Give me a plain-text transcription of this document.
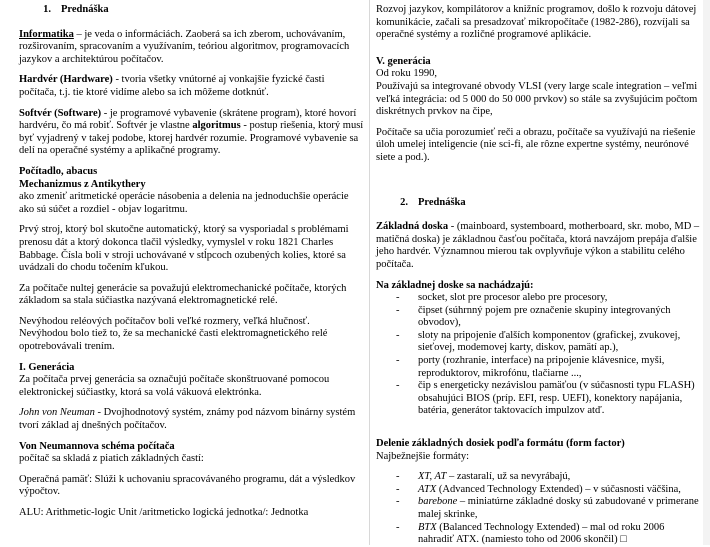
1. Prednáška

Informatika – je veda o informáciách. Zaoberá sa ich zberom, uchovávaním, rozširovaním, spracovaním a využívaním, teóriou algoritmov, programovacích jazykov a architektúrou počítačov.

Hardvér (Hardware) - tvoria všetky vnútorné aj vonkajšie fyzické časti počítača, t.j. tie ktoré vidíme alebo sa ich môžeme dotknúť.

Softvér (Software) - je programové vybavenie (skrátene program), ktoré hovorí hardvéru, čo má robiť. Softvér je vlastne algoritmus - postup riešenia, ktorý musí byť vyjadrený v takej podobe, ktorej hardvér rozumie. Programové vybavenie sa delí na operačné systémy a aplikačné programy.

Počítadlo, abacus

Mechanizmus z Antikythery

ako zmeniť aritmetické operácie násobenia a delenia na jednoduchšie operácie ako sú súčet a rozdiel - objav logaritmu.

Prvý stroj, ktorý bol skutočne automatický, ktorý sa vysporiadal s problémami prenosu dát a ktorý dokonca tlačil výsledky, vymyslel v roku 1821 Charles Babbage. Čísla boli v stroji uchovávané v stĺpcoch ozubených kolies, ktoré sa uvádzali do chodu točením kľukou.

Za počítače nultej generácie sa považujú elektromechanické počítače, ktorých základom sa stala súčiastka nazývaná elektromagnetické relé.

Nevýhodou reléových počítačov boli veľké rozmery, veľká hlučnosť.

Nevýhodou bolo tiež to, že sa mechanické časti elektromagnetického relé opotrebovávali trením.

I. Generácia

Za počítača prvej generácia sa označujú počítače skonštruované pomocou elektronickej súčiastky, ktorá sa volá vákuová elektrónka.

John von Neuman - Dvojhodnotový systém, známy pod názvom binárny systém tvorí základ aj dnešných počítačov.

Von Neumannova schéma počítača

počítač sa skladá z piatich základných častí:

Operačná pamäť: Slúži k uchovaniu spracovávaného programu, dát a výsledkov výpočtov.

ALU: Arithmetic-logic Unit /aritmeticko logická jednotka/: Jednotka

Rozvoj jazykov, kompilátorov a knižníc programov, došlo k rozvoju dátovej komunikácie, začali sa presadzovať mikropočítače (1982-286), rozvíjali sa operačné systémy a rozličné programové aplikácie.

V. generácia

Od roku 1990,

Používajú sa integrované obvody VLSI (very large scale integration – veľmi veľká integrácia: od 5 000 do 50 000 prvkov) so stále sa zvyšujúcim počtom diskrétnych prvkov na čipe,

Počítače sa učia porozumieť reči a obrazu, počítače sa využívajú na riešenie úloh umelej inteligencie (nie sci-fi, ale rôzne expertne systémy, neurónové siete a pod.).

2. Prednáška

Základná doska - (mainboard, systemboard, motherboard, skr. mobo, MD – matičná doska) je základnou časťou počítača, ktorá navzájom prepája ďalšie jeho hardvér. Významnou mierou tak ovplyvňuje výkon a stabilitu celého počítača.

Na základnej doske sa nachádzajú:

- socket, slot pre procesor alebo pre procesory,
- čipset (súhrnný pojem pre označenie skupiny integrovaných obvodov),
- sloty na pripojenie ďalších komponentov (grafickej, zvukovej, sieťovej, modemovej karty, diskov, pamätí ap.),
- porty (rozhranie, interface) na pripojenie klávesnice, myši, reproduktorov, mikrofónu, tlačiarne ...,
- čip s energeticky nezávislou pamäťou (v súčasnosti typu FLASH) obsahujúci BIOS (príp. EFI, resp. UEFI), konektory napájania, batéria, generátor taktovacích impulzov atď.

Delenie základných dosiek podľa formátu (form factor)

Najbežnejšie formáty:

- XT, AT – zastaralí, už sa nevyrábajú,
- ATX (Advanced Technology Extended) – v súčasnosti väčšina,
- barebone – miniatúrne základné dosky sú zabudované v primerane malej skrinke,
- BTX (Balanced Technology Extended) – mal od roku 2006 nahradiť ATX. (namiesto toho od 2006 skončil) □
